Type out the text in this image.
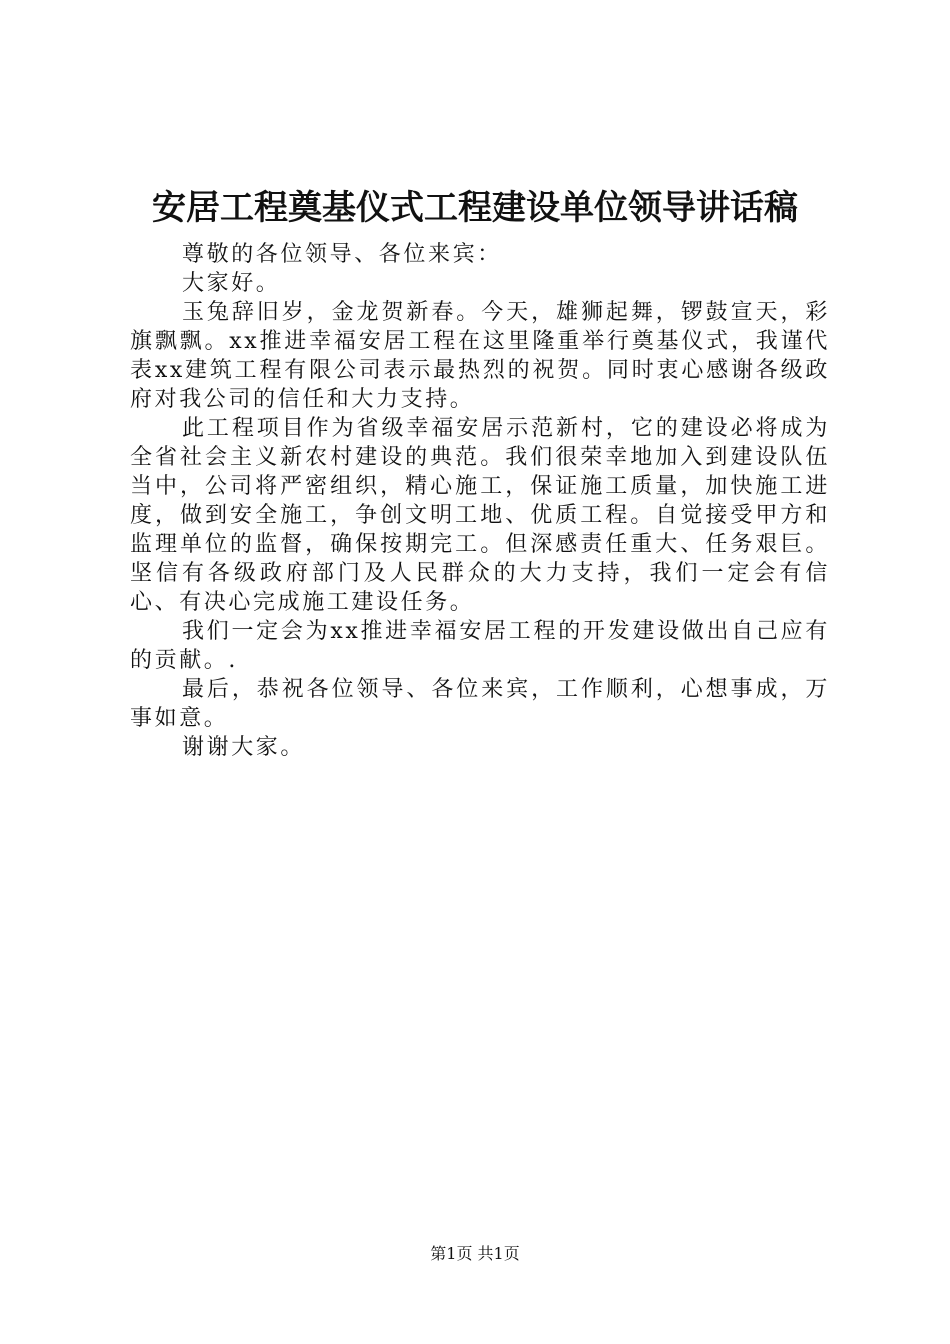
安居工程奠基仪式工程建设单位领导讲话稿

尊敬的各位领导、各位来宾：

大家好。

玉兔辞旧岁，金龙贺新春。今天，雄狮起舞，锣鼓宣天，彩旗飘飘。xx推进幸福安居工程在这里隆重举行奠基仪式，我谨代表xx建筑工程有限公司表示最热烈的祝贺。同时衷心感谢各级政府对我公司的信任和大力支持。

此工程项目作为省级幸福安居示范新村，它的建设必将成为全省社会主义新农村建设的典范。我们很荣幸地加入到建设队伍当中，公司将严密组织，精心施工，保证施工质量，加快施工进度，做到安全施工，争创文明工地、优质工程。自觉接受甲方和监理单位的监督，确保按期完工。但深感责任重大、任务艰巨。坚信有各级政府部门及人民群众的大力支持，我们一定会有信心、有决心完成施工建设任务。

我们一定会为xx推进幸福安居工程的开发建设做出自己应有的贡献。.

最后，恭祝各位领导、各位来宾，工作顺利，心想事成，万事如意。

谢谢大家。

第1页 共1页
